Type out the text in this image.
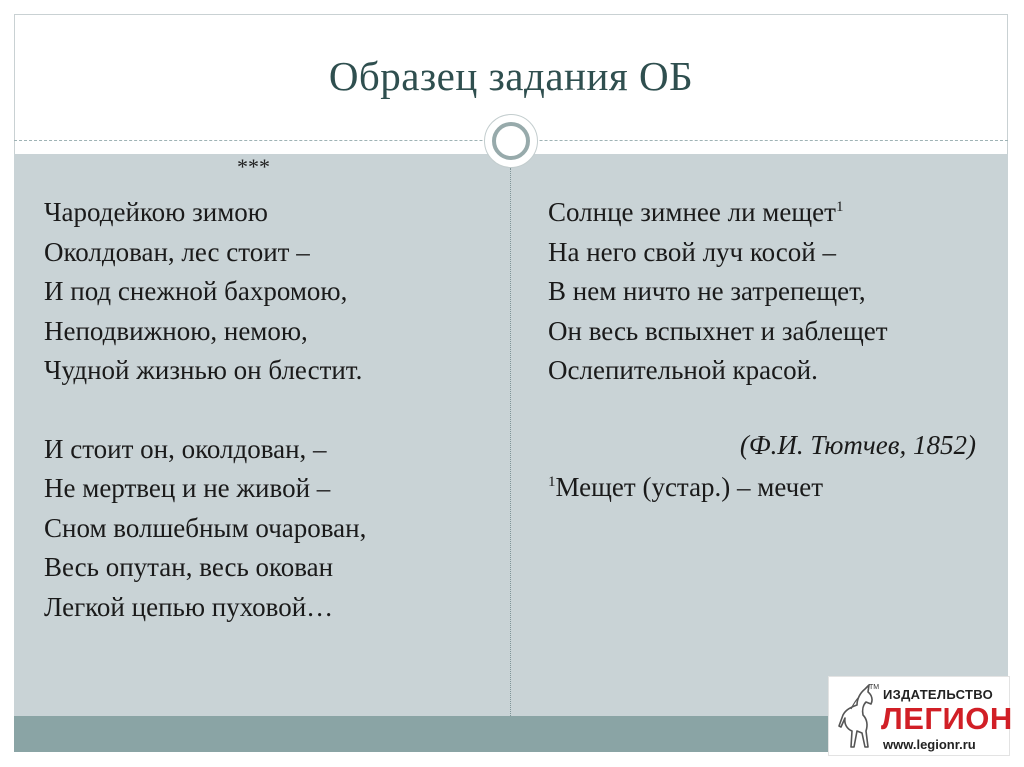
Образец задания ОБ
***
Чародейкою зимою
Околдован, лес стоит –
И под снежной бахромою,
Неподвижною, немою,
Чудной жизнью он блестит.
И стоит он, околдован, –
Не мертвец и не живой –
Сном волшебным очарован,
Весь опутан, весь окован
Легкой цепью пуховой…
Солнце зимнее ли мещет$^1$
На него свой луч косой –
В нем ничто не затрепещет,
Он весь вспыхнет и заблещет
Ослепительной красой.
(Ф.И. Тютчев, 1852)
$^1$Мещет (устар.) – мечет
TM ИЗДАТЕЛЬСТВО
ЛЕГИОН
www.legionr.ru
